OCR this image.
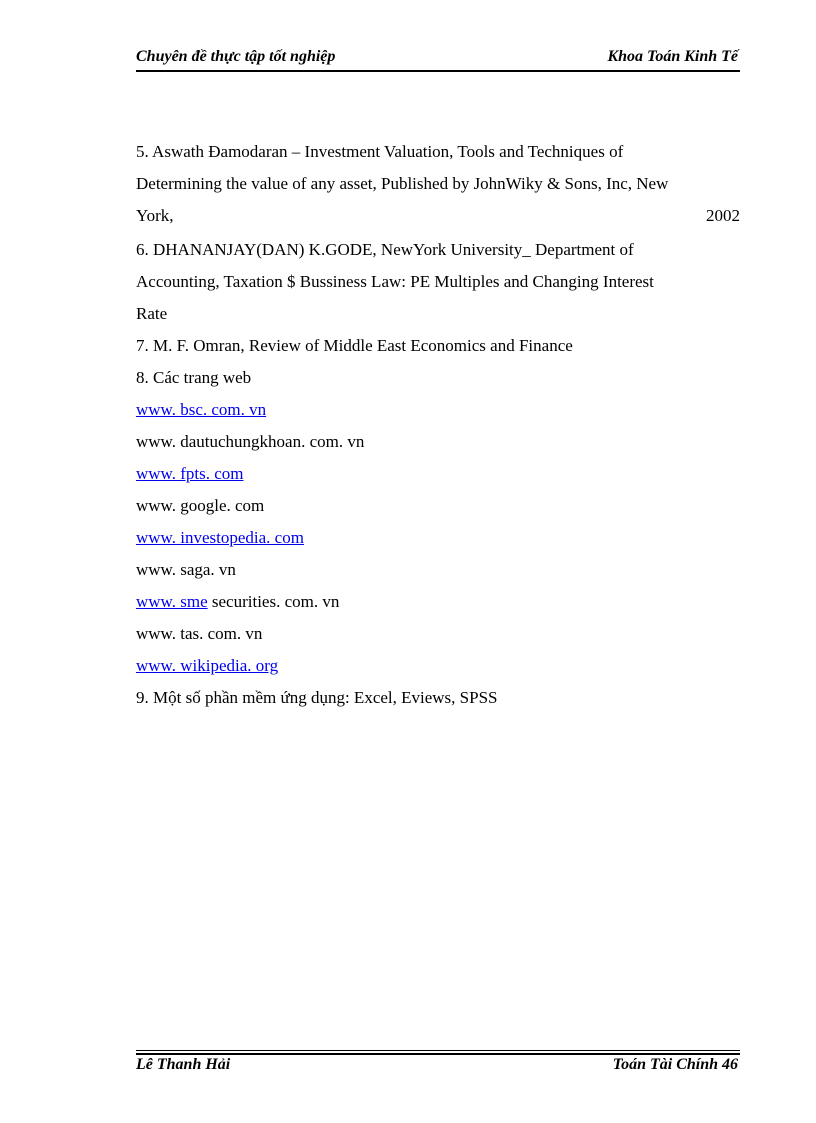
Chuyên đề thực tập tốt nghiệp	Khoa Toán Kinh Tế
5. Aswath Đamodaran – Investment Valuation, Tools and Techniques of
Determining the value of any asset, Published by JohnWiky & Sons, Inc, New
York,	2002
6. DHANANJAY(DAN) K.GODE, NewYork University_ Department of
Accounting, Taxation $ Bussiness Law: PE Multiples and Changing Interest
Rate
7. M. F. Omran, Review of Middle East Economics and Finance
8. Các trang web
www. bsc. com. vn
www. dautuchungkhoan. com. vn
www. fpts. com
www. google. com
www. investopedia. com
www. saga. vn
www. sme securities. com. vn
www. tas. com. vn
www. wikipedia. org
9. Một số phần mềm ứng dụng: Excel, Eviews, SPSS
Lê Thanh Hải	Toán Tài Chính 46
